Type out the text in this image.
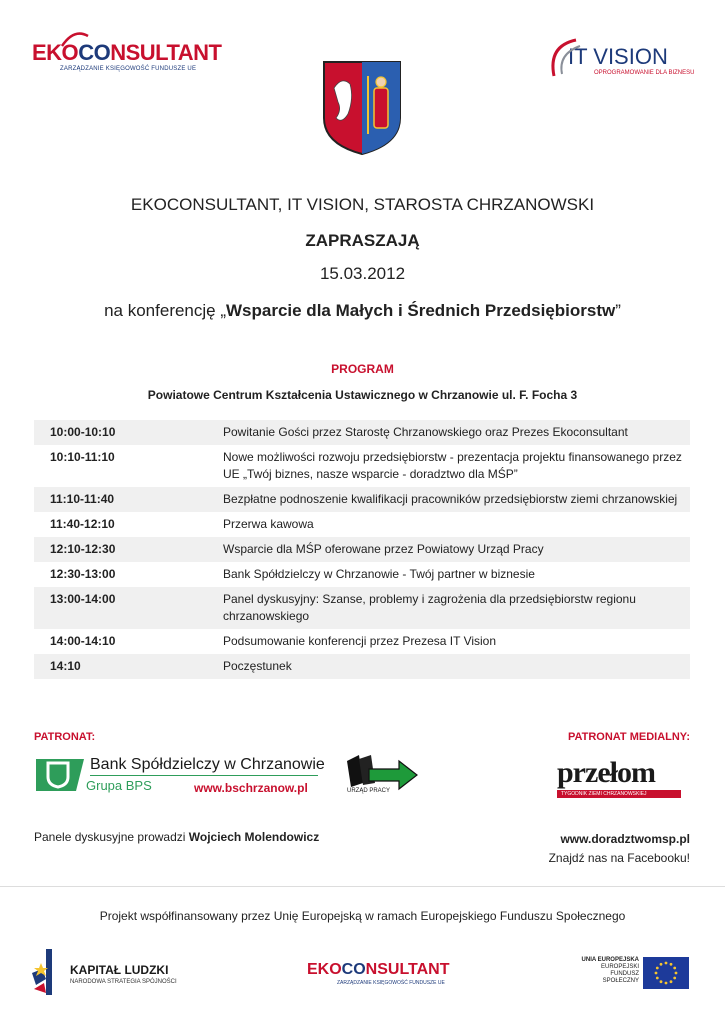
EKOCONSULTANT
ZARZĄDZANIE KSIĘGOWOŚĆ FUNDUSZE UE	IT VISION
OPROGRAMOWANIE DLA BIZNESU
EKOCONSULTANT, IT VISION, STAROSTA CHRZANOWSKI
ZAPRASZAJĄ
15.03.2012
na konferencję „Wsparcie dla Małych i Średnich Przedsiębiorstw”
PROGRAM
Powiatowe Centrum Kształcenia Ustawicznego w Chrzanowie ul. F. Focha 3
10:00-10:10	Powitanie Gości przez Starostę Chrzanowskiego oraz Prezes Ekoconsultant
10:10-11:10	Nowe możliwości rozwoju przedsiębiorstw - prezentacja projektu finansowanego przez UE „Twój biznes, nasze wsparcie - doradztwo dla MŚP”
11:10-11:40	Bezpłatne podnoszenie kwalifikacji pracowników przedsiębiorstw ziemi chrzanowskiej
11:40-12:10	Przerwa kawowa
12:10-12:30	Wsparcie dla MŚP oferowane przez Powiatowy Urząd Pracy
12:30-13:00	Bank Spółdzielczy w Chrzanowie - Twój partner w biznesie
13:00-14:00	Panel dyskusyjny: Szanse, problemy i zagrożenia dla przedsiębiorstw regionu chrzanowskiego
14:00-14:10	Podsumowanie konferencji przez Prezesa IT Vision
14:10	Poczęstunek
PATRONAT:	PATRONAT MEDIALNY:
Bank Spółdzielczy w Chrzanowie
Grupa BPS	www.bschrzanow.pl	URZĄD PRACY
przełom
TYGODNIK ZIEMI CHRZANOWSKIEJ
Panele dyskusyjne prowadzi Wojciech Molendowicz	www.doradztwomsp.pl
Znajdź nas na Facebooku!
Projekt współfinansowany przez Unię Europejską w ramach Europejskiego Funduszu Społecznego
KAPITAŁ LUDZKI
NARODOWA STRATEGIA SPÓJNOŚCI
EKOCONSULTANT
ZARZĄDZANIE KSIĘGOWOŚĆ FUNDUSZE UE
UNIA EUROPEJSKA
EUROPEJSKI
FUNDUSZ SPOŁECZNY
